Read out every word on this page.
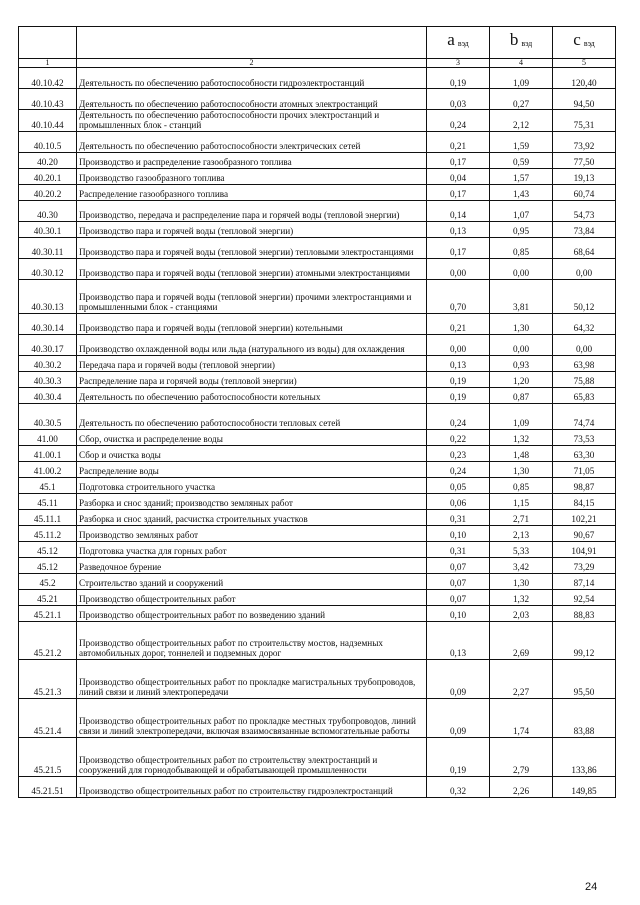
		a $_{вэд}$	b $_{вэд}$	c $_{вэд}$
1	2	3	4	5
40.10.42	Деятельность по обеспечению работоспособности гидроэлектростанций	0,19	1,09	120,40
40.10.43	Деятельность по обеспечению работоспособности атомных электростанций	0,03	0,27	94,50
40.10.44	Деятельность по обеспечению работоспособности прочих электростанций и промышленных блок - станций	0,24	2,12	75,31
40.10.5	Деятельность по обеспечению работоспособности электрических сетей	0,21	1,59	73,92
40.20	Производство и распределение газообразного топлива	0,17	0,59	77,50
40.20.1	Производство газообразного топлива	0,04	1,57	19,13
40.20.2	Распределение газообразного топлива	0,17	1,43	60,74
40.30	Производство, передача и распределение пара и горячей воды (тепловой энергии)	0,14	1,07	54,73
40.30.1	Производство пара и горячей воды (тепловой энергии)	0,13	0,95	73,84
40.30.11	Производство пара и горячей воды (тепловой энергии) тепловыми электростанциями	0,17	0,85	68,64
40.30.12	Производство пара и горячей воды (тепловой энергии) атомными электростанциями	0,00	0,00	0,00
40.30.13	Производство пара и горячей воды (тепловой энергии) прочими электростанциями и промышленными блок - станциями	0,70	3,81	50,12
40.30.14	Производство пара и горячей воды (тепловой энергии) котельными	0,21	1,30	64,32
40.30.17	Производство охлажденной воды или льда (натурального из воды) для охлаждения	0,00	0,00	0,00
40.30.2	Передача пара и горячей воды (тепловой энергии)	0,13	0,93	63,98
40.30.3	Распределение пара и горячей воды (тепловой энергии)	0,19	1,20	75,88
40.30.4	Деятельность по обеспечению работоспособности котельных	0,19	0,87	65,83
40.30.5	Деятельность по обеспечению работоспособности тепловых сетей	0,24	1,09	74,74
41.00	Сбор, очистка и распределение воды	0,22	1,32	73,53
41.00.1	Сбор и очистка воды	0,23	1,48	63,30
41.00.2	Распределение воды	0,24	1,30	71,05
45.1	Подготовка строительного участка	0,05	0,85	98,87
45.11	Разборка и снос зданий; производство земляных работ	0,06	1,15	84,15
45.11.1	Разборка и снос зданий, расчистка строительных участков	0,31	2,71	102,21
45.11.2	Производство земляных работ	0,10	2,13	90,67
45.12	Подготовка участка для горных работ	0,31	5,33	104,91
45.12	Разведочное бурение	0,07	3,42	73,29
45.2	Строительство зданий и сооружений	0,07	1,30	87,14
45.21	Производство общестроительных работ	0,07	1,32	92,54
45.21.1	Производство общестроительных работ по возведению зданий	0,10	2,03	88,83
45.21.2	Производство общестроительных работ по строительству мостов, надземных автомобильных дорог, тоннелей и подземных дорог	0,13	2,69	99,12
45.21.3	Производство общестроительных работ по прокладке магистральных трубопроводов, линий связи и линий электропередачи	0,09	2,27	95,50
45.21.4	Производство общестроительных работ по прокладке местных трубопроводов, линий связи и линий электропередачи, включая взаимосвязанные вспомогательные работы	0,09	1,74	83,88
45.21.5	Производство общестроительных работ по строительству электростанций и сооружений для горнодобывающей и обрабатывающей промышленности	0,19	2,79	133,86
45.21.51	Производство общестроительных работ по строительству гидроэлектростанций	0,32	2,26	149,85
24
